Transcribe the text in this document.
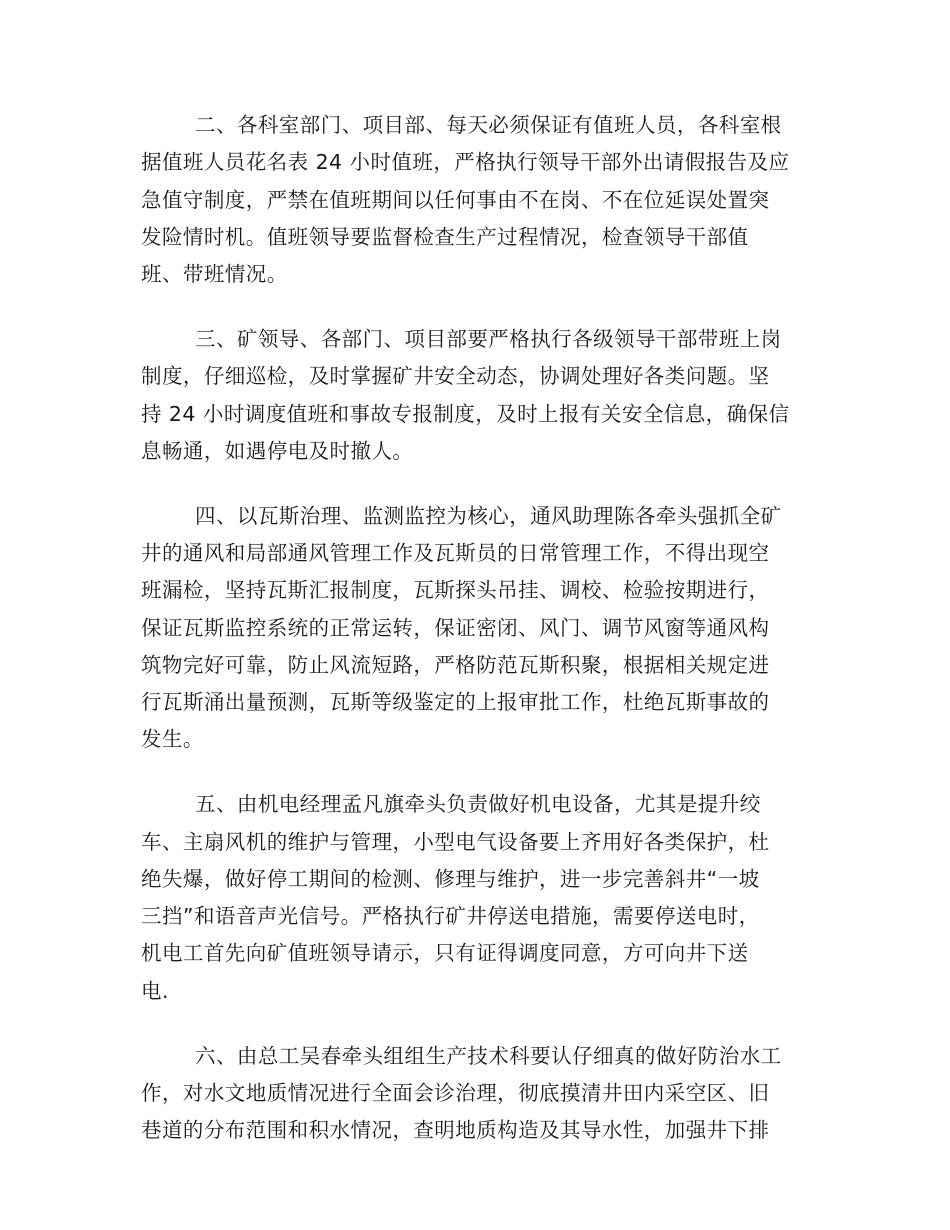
二、各科室部门、项目部、每天必须保证有值班人员，各科室根
据值班人员花名表 24 小时值班，严格执行领导干部外出请假报告及应
急值守制度，严禁在值班期间以任何事由不在岗、不在位延误处置突
发险情时机。值班领导要监督检查生产过程情况，检查领导干部值
班、带班情况。

三、矿领导、各部门、项目部要严格执行各级领导干部带班上岗
制度，仔细巡检，及时掌握矿井安全动态，协调处理好各类问题。坚
持 24 小时调度值班和事故专报制度，及时上报有关安全信息，确保信
息畅通，如遇停电及时撤人。

四、以瓦斯治理、监测监控为核心，通风助理陈各牵头强抓全矿
井的通风和局部通风管理工作及瓦斯员的日常管理工作，不得出现空
班漏检，坚持瓦斯汇报制度，瓦斯探头吊挂、调校、检验按期进行，
保证瓦斯监控系统的正常运转，保证密闭、风门、调节风窗等通风构
筑物完好可靠，防止风流短路，严格防范瓦斯积聚，根据相关规定进
行瓦斯涌出量预测，瓦斯等级鉴定的上报审批工作，杜绝瓦斯事故的
发生。

五、由机电经理孟凡旗牵头负责做好机电设备，尤其是提升绞
车、主扇风机的维护与管理，小型电气设备要上齐用好各类保护，杜
绝失爆，做好停工期间的检测、修理与维护，进一步完善斜井“一坡
三挡”和语音声光信号。严格执行矿井停送电措施，需要停送电时，
机电工首先向矿值班领导请示，只有证得调度同意，方可向井下送
电.

六、由总工吴春牵头组组生产技术科要认仔细真的做好防治水工
作，对水文地质情况进行全面会诊治理，彻底摸清井田内采空区、旧
巷道的分布范围和积水情况，查明地质构造及其导水性，加强井下排
